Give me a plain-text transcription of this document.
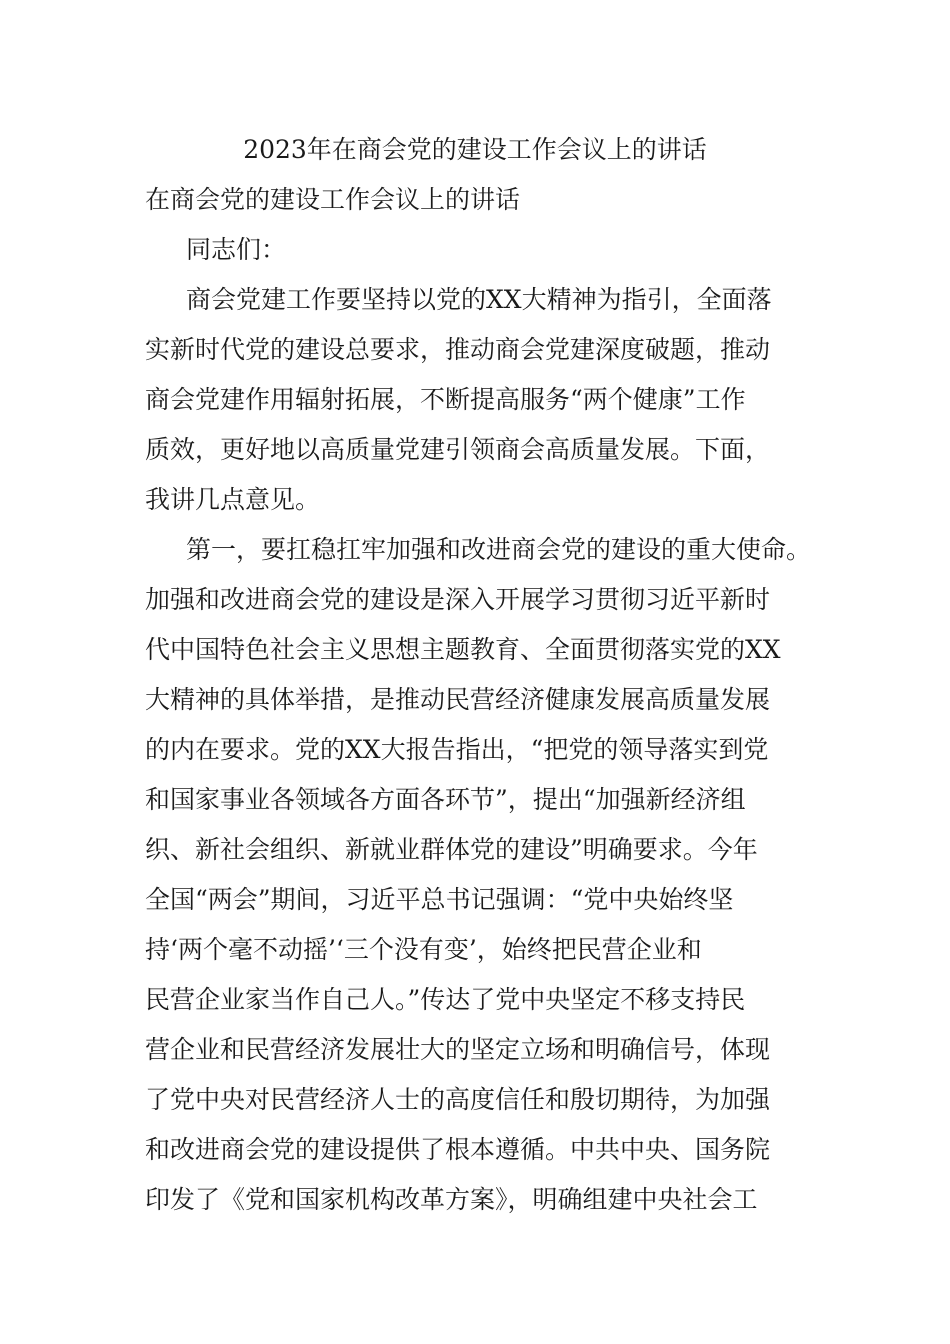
2023年在商会党的建设工作会议上的讲话

在商会党的建设工作会议上的讲话

同志们：

商会党建工作要坚持以党的XX大精神为指引，全面落

实新时代党的建设总要求，推动商会党建深度破题，推动

商会党建作用辐射拓展，不断提高服务“两个健康”工作

质效，更好地以高质量党建引领商会高质量发展。下面，

我讲几点意见。

第一，要扛稳扛牢加强和改进商会党的建设的重大使命。

加强和改进商会党的建设是深入开展学习贯彻习近平新时

代中国特色社会主义思想主题教育、全面贯彻落实党的XX

大精神的具体举措，是推动民营经济健康发展高质量发展

的内在要求。党的XX大报告指出，“把党的领导落实到党

和国家事业各领域各方面各环节”，提出“加强新经济组

织、新社会组织、新就业群体党的建设”明确要求。今年

全国“两会”期间，习近平总书记强调：“党中央始终坚

持‘两个毫不动摇’‘三个没有变’，始终把民营企业和

民营企业家当作自己人。”传达了党中央坚定不移支持民

营企业和民营经济发展壮大的坚定立场和明确信号，体现

了党中央对民营经济人士的高度信任和殷切期待，为加强

和改进商会党的建设提供了根本遵循。中共中央、国务院

印发了《党和国家机构改革方案》，明确组建中央社会工
